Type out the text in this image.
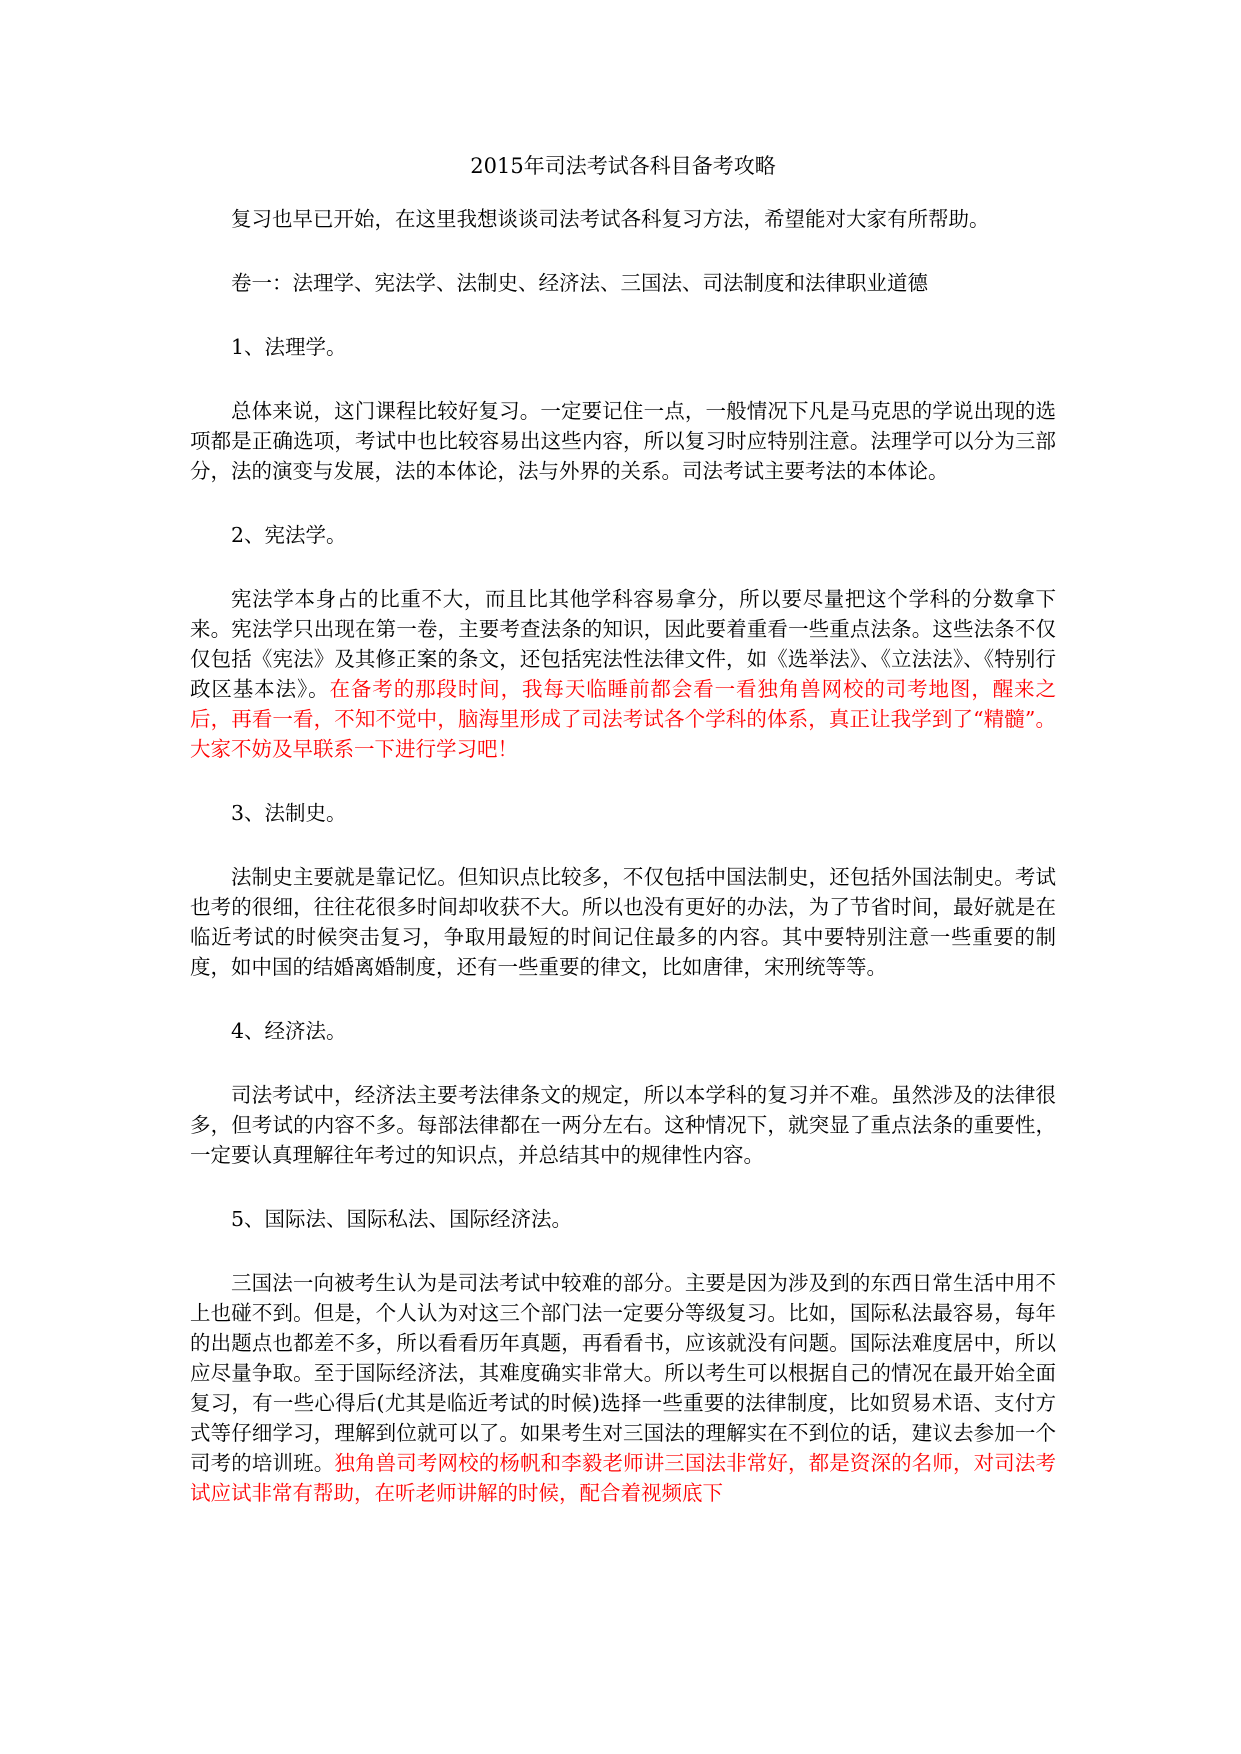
2015年司法考试各科目备考攻略

复习也早已开始，在这里我想谈谈司法考试各科复习方法，希望能对大家有所帮助。

卷一：法理学、宪法学、法制史、经济法、三国法、司法制度和法律职业道德

1、法理学。

总体来说，这门课程比较好复习。一定要记住一点，一般情况下凡是马克思的学说出现的选项都是正确选项，考试中也比较容易出这些内容，所以复习时应特别注意。法理学可以分为三部分，法的演变与发展，法的本体论，法与外界的关系。司法考试主要考法的本体论。

2、宪法学。

宪法学本身占的比重不大，而且比其他学科容易拿分，所以要尽量把这个学科的分数拿下来。宪法学只出现在第一卷，主要考查法条的知识，因此要着重看一些重点法条。这些法条不仅仅包括《宪法》及其修正案的条文，还包括宪法性法律文件，如《选举法》、《立法法》、《特别行政区基本法》。在备考的那段时间，我每天临睡前都会看一看独角兽网校的司考地图，醒来之后，再看一看，不知不觉中，脑海里形成了司法考试各个学科的体系，真正让我学到了“精髓”。大家不妨及早联系一下进行学习吧！

3、法制史。

法制史主要就是靠记忆。但知识点比较多，不仅包括中国法制史，还包括外国法制史。考试也考的很细，往往花很多时间却收获不大。所以也没有更好的办法，为了节省时间，最好就是在临近考试的时候突击复习，争取用最短的时间记住最多的内容。其中要特别注意一些重要的制度，如中国的结婚离婚制度，还有一些重要的律文，比如唐律，宋刑统等等。

4、经济法。

司法考试中，经济法主要考法律条文的规定，所以本学科的复习并不难。虽然涉及的法律很多，但考试的内容不多。每部法律都在一两分左右。这种情况下，就突显了重点法条的重要性，一定要认真理解往年考过的知识点，并总结其中的规律性内容。

5、国际法、国际私法、国际经济法。

三国法一向被考生认为是司法考试中较难的部分。主要是因为涉及到的东西日常生活中用不上也碰不到。但是，个人认为对这三个部门法一定要分等级复习。比如，国际私法最容易，每年的出题点也都差不多，所以看看历年真题，再看看书，应该就没有问题。国际法难度居中，所以应尽量争取。至于国际经济法，其难度确实非常大。所以考生可以根据自己的情况在最开始全面复习，有一些心得后(尤其是临近考试的时候)选择一些重要的法律制度，比如贸易术语、支付方式等仔细学习，理解到位就可以了。如果考生对三国法的理解实在不到位的话，建议去参加一个司考的培训班。独角兽司考网校的杨帆和李毅老师讲三国法非常好，都是资深的名师，对司法考试应试非常有帮助，在听老师讲解的时候，配合着视频底下
